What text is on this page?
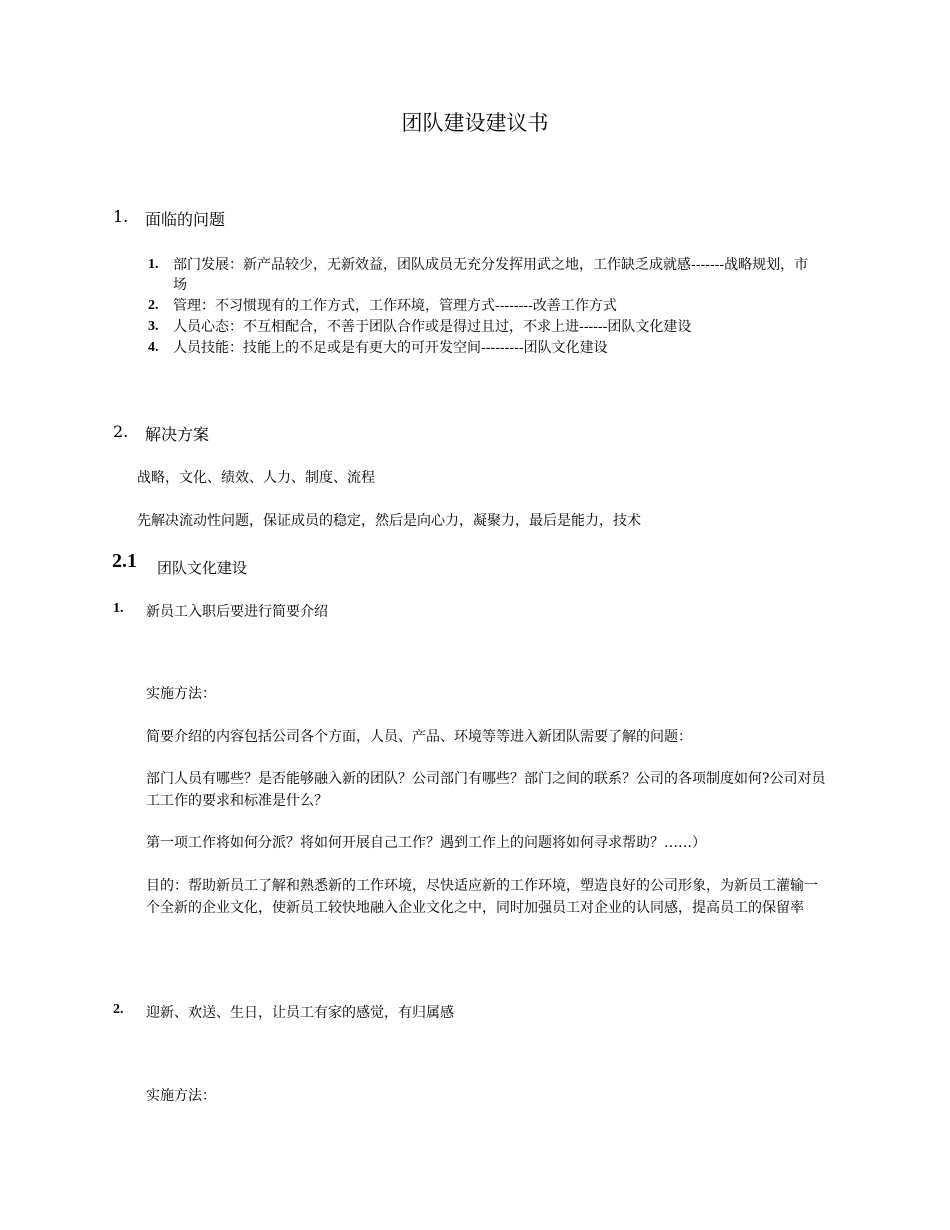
团队建设建议书
1. 面临的问题
1. 部门发展：新产品较少，无新效益，团队成员无充分发挥用武之地，工作缺乏成就感-------战略规划，市场
2. 管理：不习惯现有的工作方式，工作环境，管理方式--------改善工作方式
3. 人员心态：不互相配合，不善于团队合作或是得过且过，不求上进------团队文化建设
4. 人员技能：技能上的不足或是有更大的可开发空间---------团队文化建设
2. 解决方案
战略，文化、绩效、人力、制度、流程
先解决流动性问题，保证成员的稳定，然后是向心力，凝聚力，最后是能力，技术
2.1 团队文化建设
1. 新员工入职后要进行简要介绍
实施方法：
简要介绍的内容包括公司各个方面，人员、产品、环境等等进入新团队需要了解的问题：
部门人员有哪些？是否能够融入新的团队？公司部门有哪些？部门之间的联系？公司的各项制度如何?公司对员工工作的要求和标准是什么？
第一项工作将如何分派？将如何开展自己工作？遇到工作上的问题将如何寻求帮助？……）
目的：帮助新员工了解和熟悉新的工作环境，尽快适应新的工作环境，塑造良好的公司形象，为新员工灌输一个全新的企业文化，使新员工较快地融入企业文化之中，同时加强员工对企业的认同感，提高员工的保留率
2. 迎新、欢送、生日，让员工有家的感觉，有归属感
实施方法：
